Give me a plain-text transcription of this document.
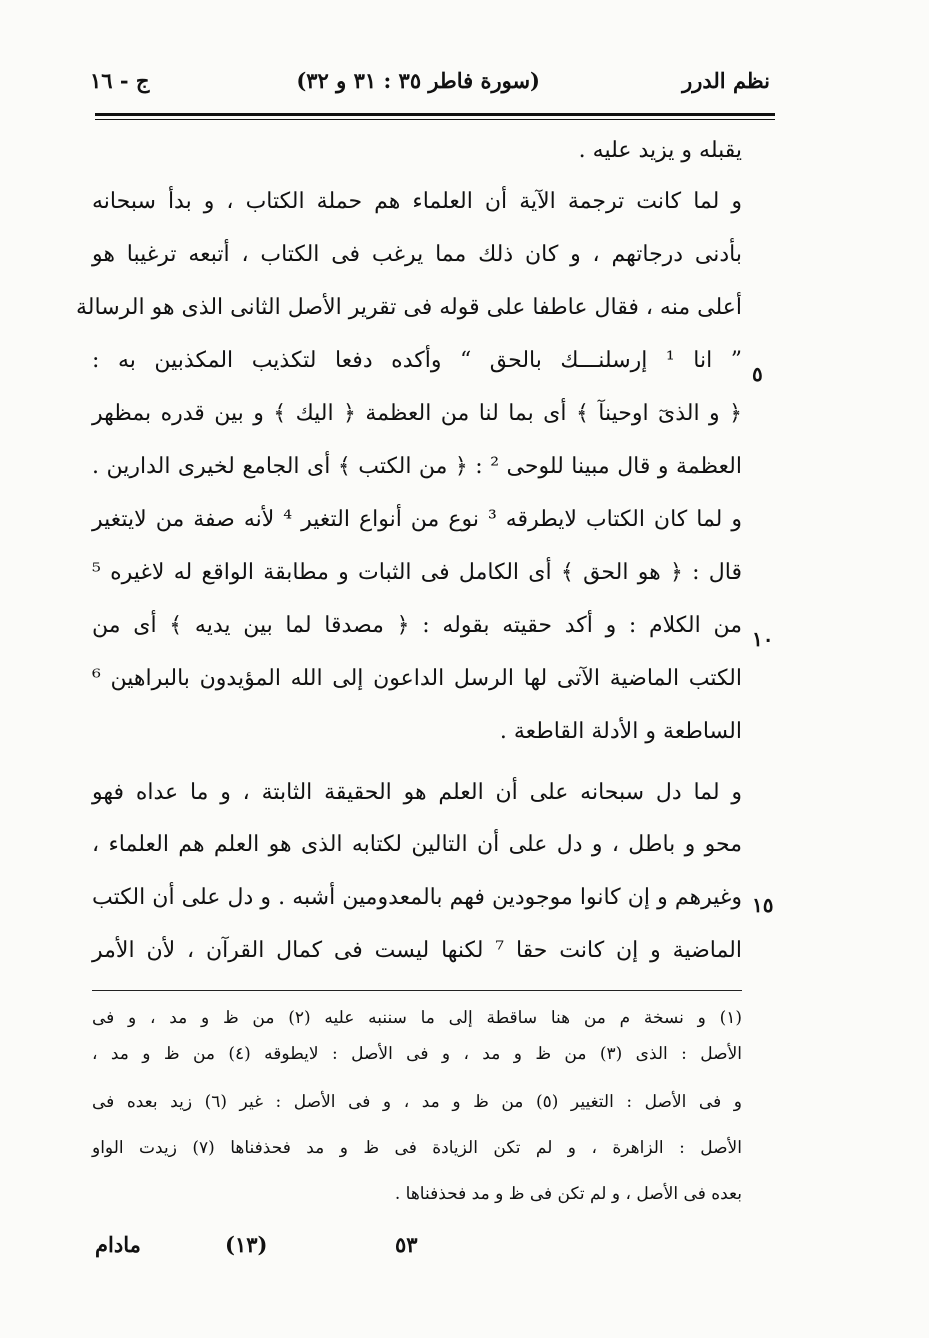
نظم الدرر
(سورة فاطر ٣٥ : ٣١ و ٣٢)
ج - ١٦
يقبله و يزيد عليه .
و لما كانت ترجمة الآية أن العلماء هم حملة الكتاب ، و بدأ سبحانه
بأدنى درجاتهم ، و كان ذلك مما يرغب فى الكتاب ، أتبعه ترغيبا هو
أعلى منه ، فقال عاطفا على قوله فى تقرير الأصل الثانى الذى هو الرسالة
” انا ¹ إرسلنـــك بالحق “ وأكده دفعا لتكذيب المكذبين به :
﴿ و الذىٓ اوحينآ ﴾ أى بما لنا من العظمة ﴿ اليك ﴾ و بين قدره بمظهر
العظمة و قال مبينا للوحى ² : ﴿ من الكتب ﴾ أى الجامع لخيرى الدارين .
و لما كان الكتاب لايطرقه ³ نوع من أنواع التغير ⁴ لأنه صفة من لايتغير
قال : ﴿ هو الحق ﴾ أى الكامل فى الثبات و مطابقة الواقع له لاغيره ⁵
من الكلام : و أكد حقيته بقوله : ﴿ مصدقا لما بين يديه ﴾ أى من
الكتب الماضية الآتى لها الرسل الداعون إلى الله المؤيدون بالبراهين ⁶
الساطعة و الأدلة القاطعة .
و لما دل سبحانه على أن العلم هو الحقيقة الثابتة ، و ما عداه فهو
محو و باطل ، و دل على أن التالين لكتابه الذى هو العلم هم العلماء ،
وغيرهم و إن كانوا موجودين فهم بالمعدومين أشبه . و دل على أن الكتب
الماضية و إن كانت حقا ⁷ لكنها ليست فى كمال القرآن ، لأن الأمر
٥
١٠
١٥
(١) و نسخة م من هنا ساقطة إلى ما سننبه عليه (٢) من ظ و مد ، و فى
الأصل : الذى (٣) من ظ و مد ، و فى الأصل : لايطوقه (٤) من ظ و مد ،
و فى الأصل : التغيير (٥) من ظ و مد ، و فى الأصل : غير (٦) زيد بعده فى
الأصل : الزاهرة ، و لم تكن الزيادة فى ظ و مد فحذفناها (٧) زيدت الواو
بعده فى الأصل ، و لم تكن فى ظ و مد فحذفناها .
مادام	(١٣)	٥٣
